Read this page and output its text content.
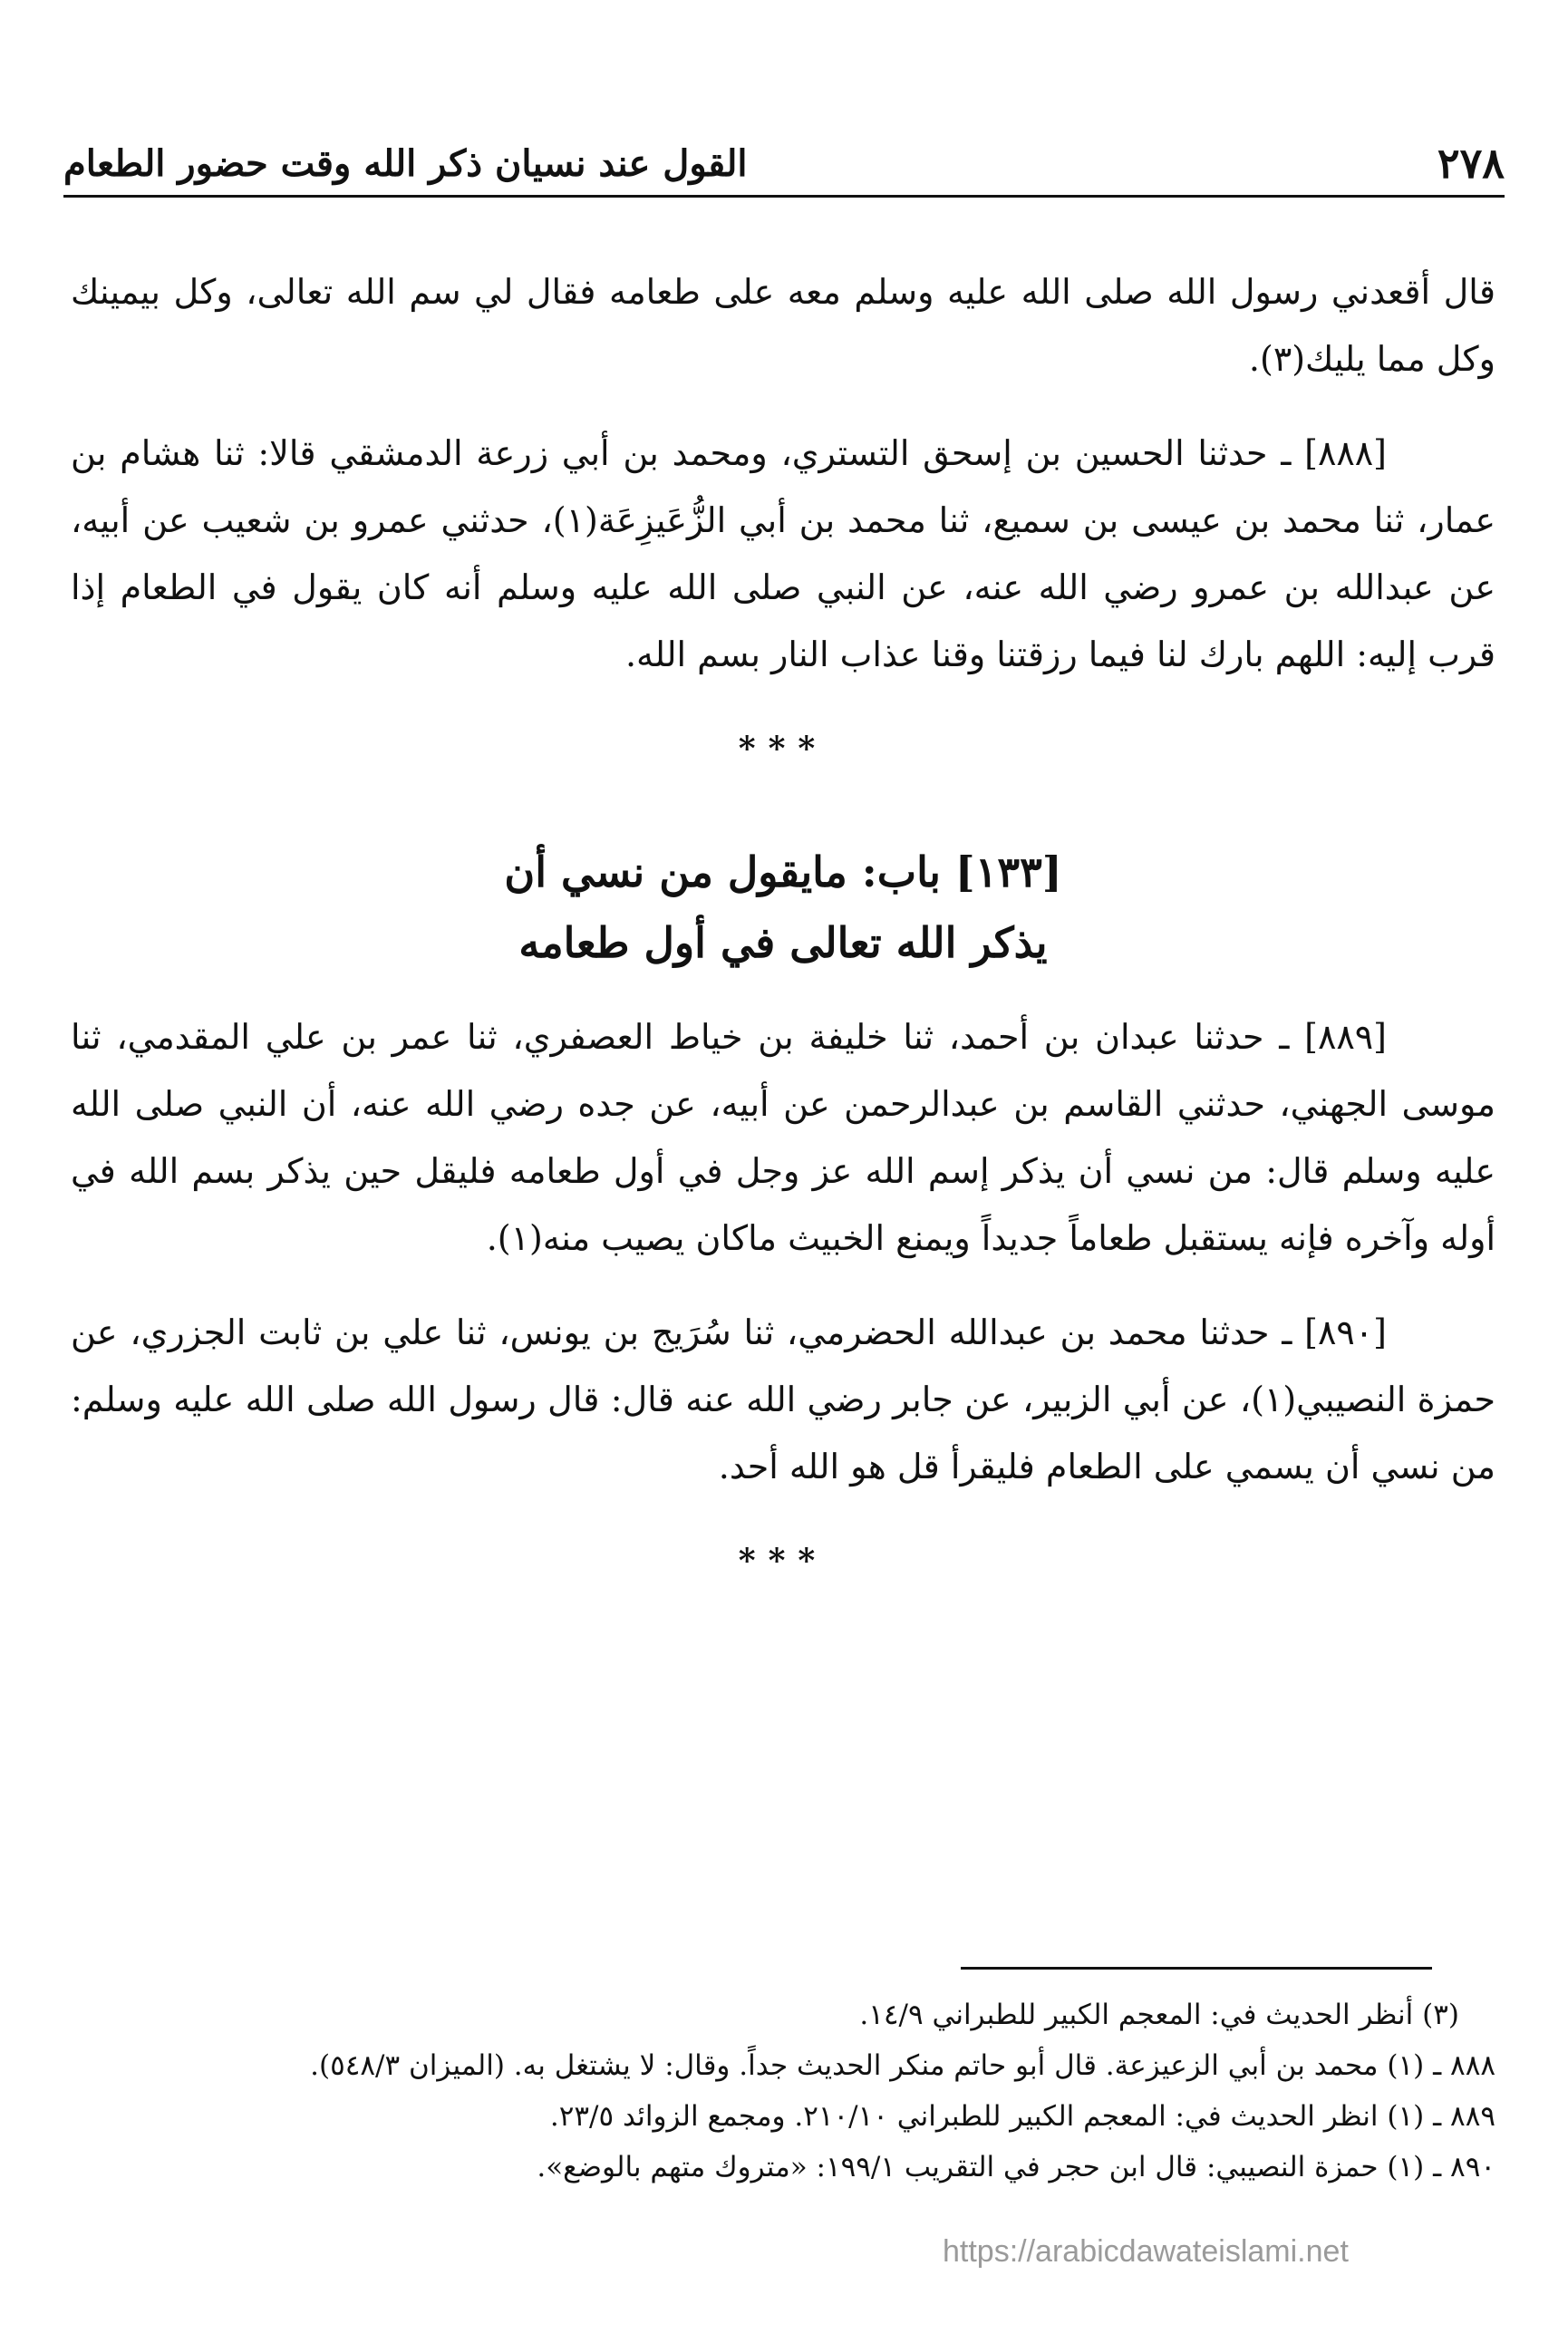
٢٧٨
القول عند نسيان ذكر الله وقت حضور الطعام

قال أقعدني رسول الله صلى الله عليه وسلم معه على طعامه فقال لي سم الله تعالى، وكل بيمينك وكل مما يليك(٣).

[٨٨٨] ـ حدثنا الحسين بن إسحق التستري، ومحمد بن أبي زرعة الدمشقي قالا: ثنا هشام بن عمار، ثنا محمد بن عيسى بن سميع، ثنا محمد بن أبي الزُّعَيزِعَة(١)، حدثني عمرو بن شعيب عن أبيه، عن عبدالله بن عمرو رضي الله عنه، عن النبي صلى الله عليه وسلم أنه كان يقول في الطعام إذا قرب إليه: اللهم بارك لنا فيما رزقتنا وقنا عذاب النار بسم الله.

***
[١٣٣] باب: مايقول من نسي أن
يذكر الله تعالى في أول طعامه

[٨٨٩] ـ حدثنا عبدان بن أحمد، ثنا خليفة بن خياط العصفري، ثنا عمر بن علي المقدمي، ثنا موسى الجهني، حدثني القاسم بن عبدالرحمن عن أبيه، عن جده رضي الله عنه، أن النبي صلى الله عليه وسلم قال: من نسي أن يذكر إسم الله عز وجل في أول طعامه فليقل حين يذكر بسم الله في أوله وآخره فإنه يستقبل طعاماً جديداً ويمنع الخبيث ماكان يصيب منه(١).

[٨٩٠] ـ حدثنا محمد بن عبدالله الحضرمي، ثنا سُرَيج بن يونس، ثنا علي بن ثابت الجزري، عن حمزة النصيبي(١)، عن أبي الزبير، عن جابر رضي الله عنه قال: قال رسول الله صلى الله عليه وسلم: من نسي أن يسمي على الطعام فليقرأ قل هو الله أحد.

***

(٣) أنظر الحديث في: المعجم الكبير للطبراني ١٤/٩.

٨٨٨ ـ (١) محمد بن أبي الزعيزعة. قال أبو حاتم منكر الحديث جداً. وقال: لا يشتغل به. (الميزان ٥٤٨/٣).

٨٨٩ ـ (١) انظر الحديث في: المعجم الكبير للطبراني ٢١٠/١٠. ومجمع الزوائد ٢٣/٥.

٨٩٠ ـ (١) حمزة النصيبي: قال ابن حجر في التقريب ١٩٩/١: «متروك متهم بالوضع».

https://arabicdawateislami.net
